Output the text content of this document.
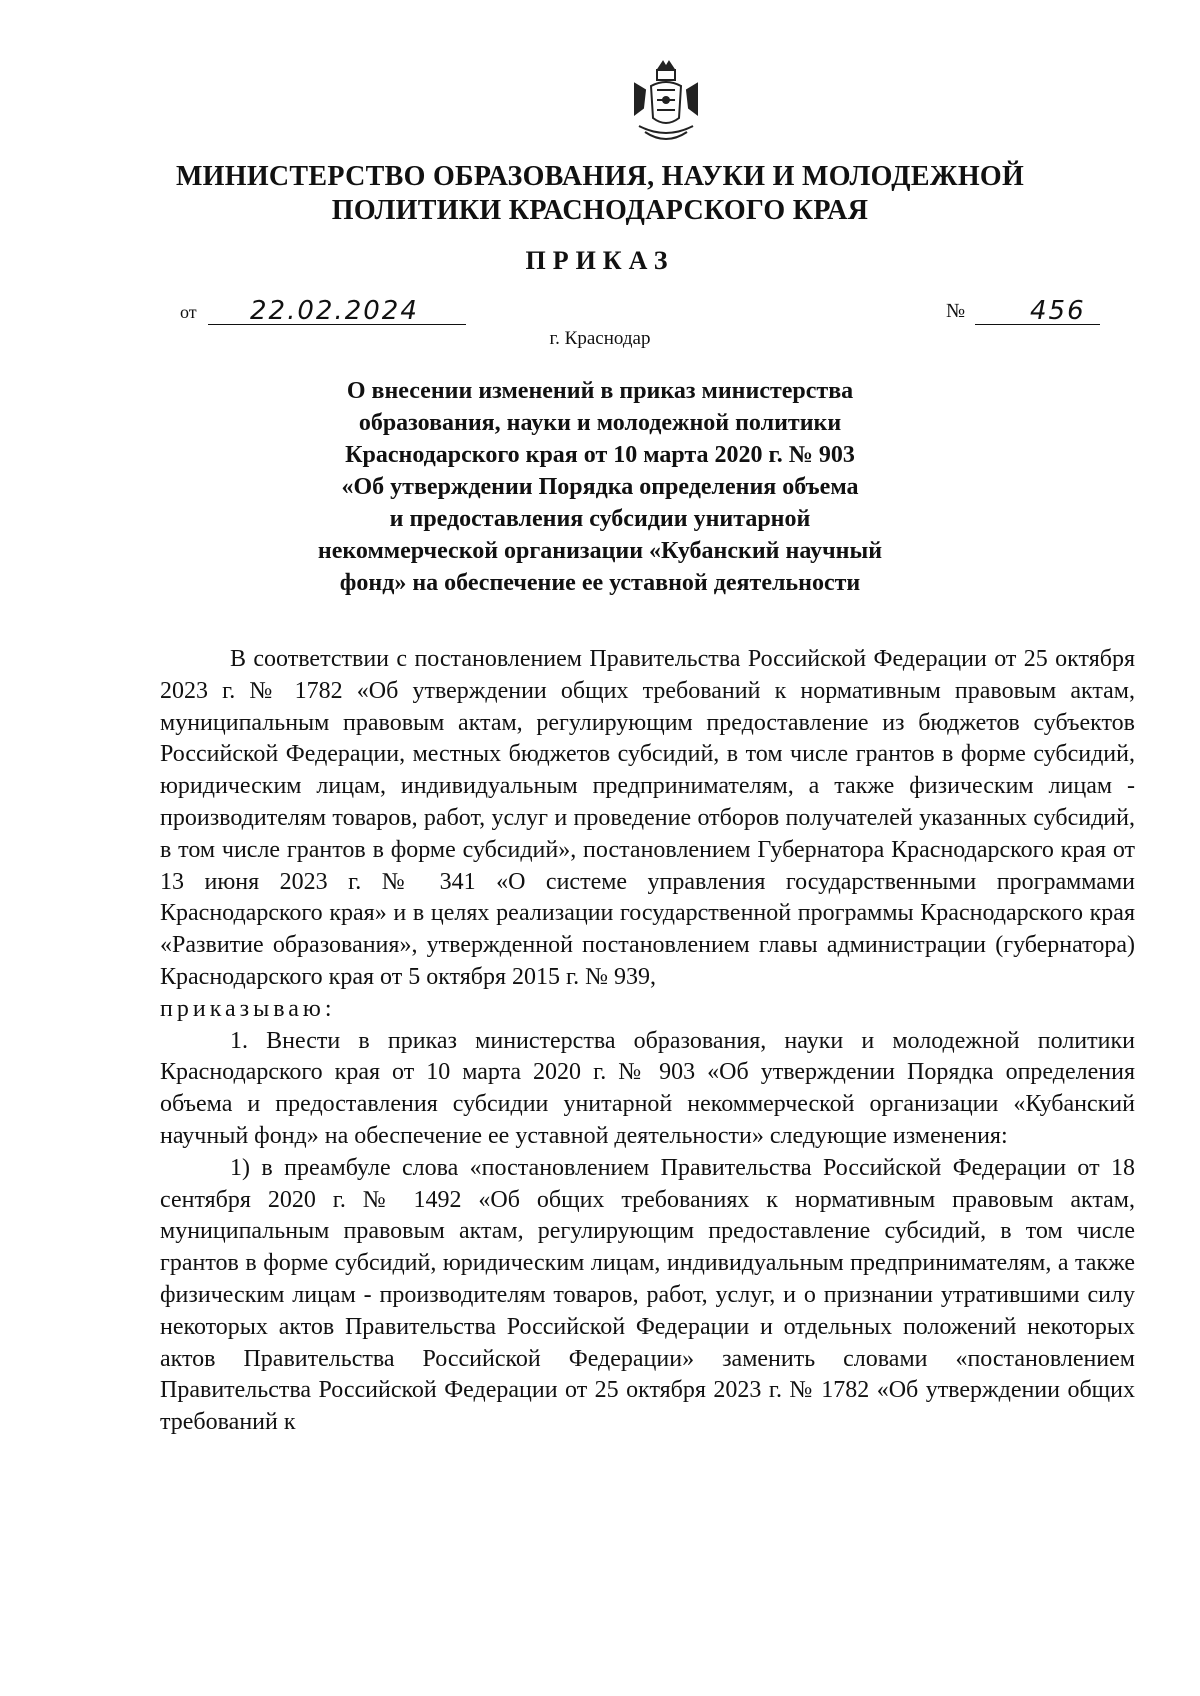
МИНИСТЕРСТВО ОБРАЗОВАНИЯ, НАУКИ И МОЛОДЕЖНОЙ
ПОЛИТИКИ КРАСНОДАРСКОГО КРАЯ
ПРИКАЗ
от 22.02.2024	№ 456
г. Краснодар
О внесении изменений в приказ министерства
образования, науки и молодежной политики
Краснодарского края от 10 марта 2020 г. № 903
«Об утверждении Порядка определения объема
и предоставления субсидии унитарной
некоммерческой организации «Кубанский научный
фонд» на обеспечение ее уставной деятельности

В соответствии с постановлением Правительства Российской Федерации от 25 октября 2023 г. № 1782 «Об утверждении общих требований к нормативным правовым актам, муниципальным правовым актам, регулирующим предоставление из бюджетов субъектов Российской Федерации, местных бюджетов субсидий, в том числе грантов в форме субсидий, юридическим лицам, индивидуальным предпринимателям, а также физическим лицам - производителям товаров, работ, услуг и проведение отборов получателей указанных субсидий, в том числе грантов в форме субсидий», постановлением Губернатора Краснодарского края от 13 июня 2023 г. № 341 «О системе управления государственными программами Краснодарского края» и в целях реализации государственной программы Краснодарского края «Развитие образования», утвержденной постановлением главы администрации (губернатора) Краснодарского края от 5 октября 2015 г. № 939,

приказываю:

1. Внести в приказ министерства образования, науки и молодежной политики Краснодарского края от 10 марта 2020 г. № 903 «Об утверждении Порядка определения объема и предоставления субсидии унитарной некоммерческой организации «Кубанский научный фонд» на обеспечение ее уставной деятельности» следующие изменения:

1) в преамбуле слова «постановлением Правительства Российской Федерации от 18 сентября 2020 г. № 1492 «Об общих требованиях к нормативным правовым актам, муниципальным правовым актам, регулирующим предоставление субсидий, в том числе грантов в форме субсидий, юридическим лицам, индивидуальным предпринимателям, а также физическим лицам - производителям товаров, работ, услуг, и о признании утратившими силу некоторых актов Правительства Российской Федерации и отдельных положений некоторых актов Правительства Российской Федерации» заменить словами «постановлением Правительства Российской Федерации от 25 октября 2023 г. № 1782 «Об утверждении общих требований к
